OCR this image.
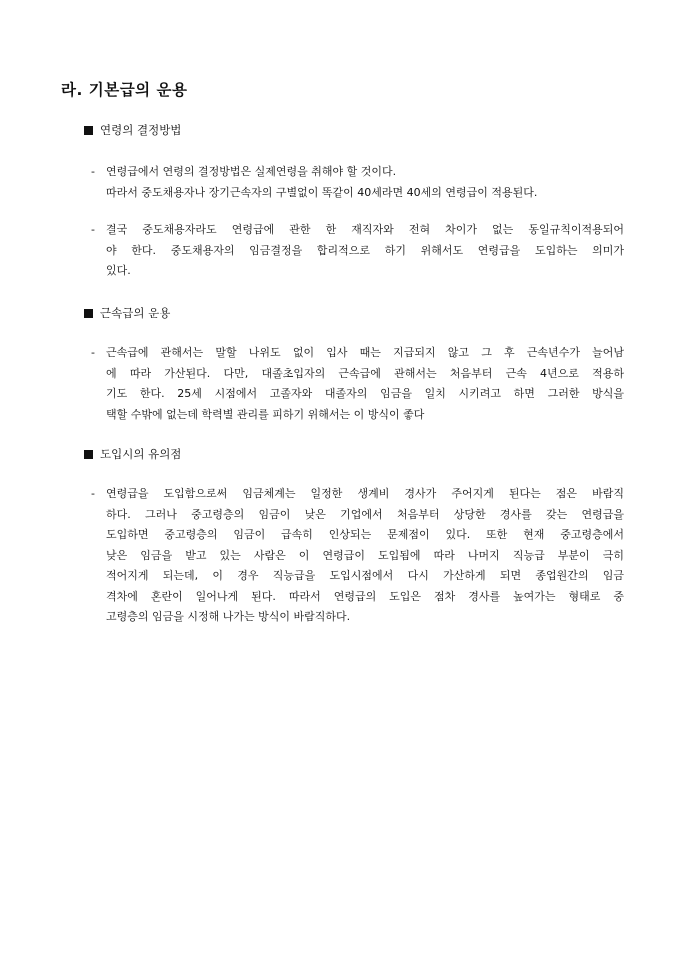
라. 기본급의 운용
연령의 결정방법
- 연령급에서 연령의 결정방법은 실제연령을 취해야 할 것이다.
따라서 중도채용자나 장기근속자의 구별없이 똑같이 40세라면 40세의 연령급이 적용된다.
- 결국 중도채용자라도 연령급에 관한 한 재직자와 전혀 차이가 없는 동일규칙이적용되어
야 한다. 중도채용자의 임금결정을 합리적으로 하기 위해서도 연령급을 도입하는 의미가
있다.
근속급의 운용
- 근속급에 관해서는 말할 나위도 없이 입사 때는 지급되지 않고 그 후 근속년수가 늘어남
에 따라 가산된다. 다만, 대졸초입자의 근속급에 관해서는 처음부터 근속 4년으로 적용하
기도 한다. 25세 시점에서 고졸자와 대졸자의 임금을 일치 시키려고 하면 그러한 방식을
택할 수밖에 없는데 학력별 관리를 피하기 위해서는 이 방식이 좋다
도입시의 유의점
- 연령급을 도입함으로써 임금체계는 일정한 생계비 경사가 주어지게 된다는 점은 바람직
하다. 그러나 중고령층의 임금이 낮은 기업에서 처음부터 상당한 경사를 갖는 연령급을
도입하면 중고령층의 임금이 급속히 인상되는 문제점이 있다. 또한 현재 중고령층에서
낮은 임금을 받고 있는 사람은 이 연령급이 도입됨에 따라 나머지 직능급 부분이 극히
적어지게 되는데, 이 경우 직능급을 도입시점에서 다시 가산하게 되면 종업원간의 임금
격차에 혼란이 일어나게 된다. 따라서 연령급의 도입은 점차 경사를 높여가는 형태로 중
고령층의 임금을 시정해 나가는 방식이 바람직하다.
